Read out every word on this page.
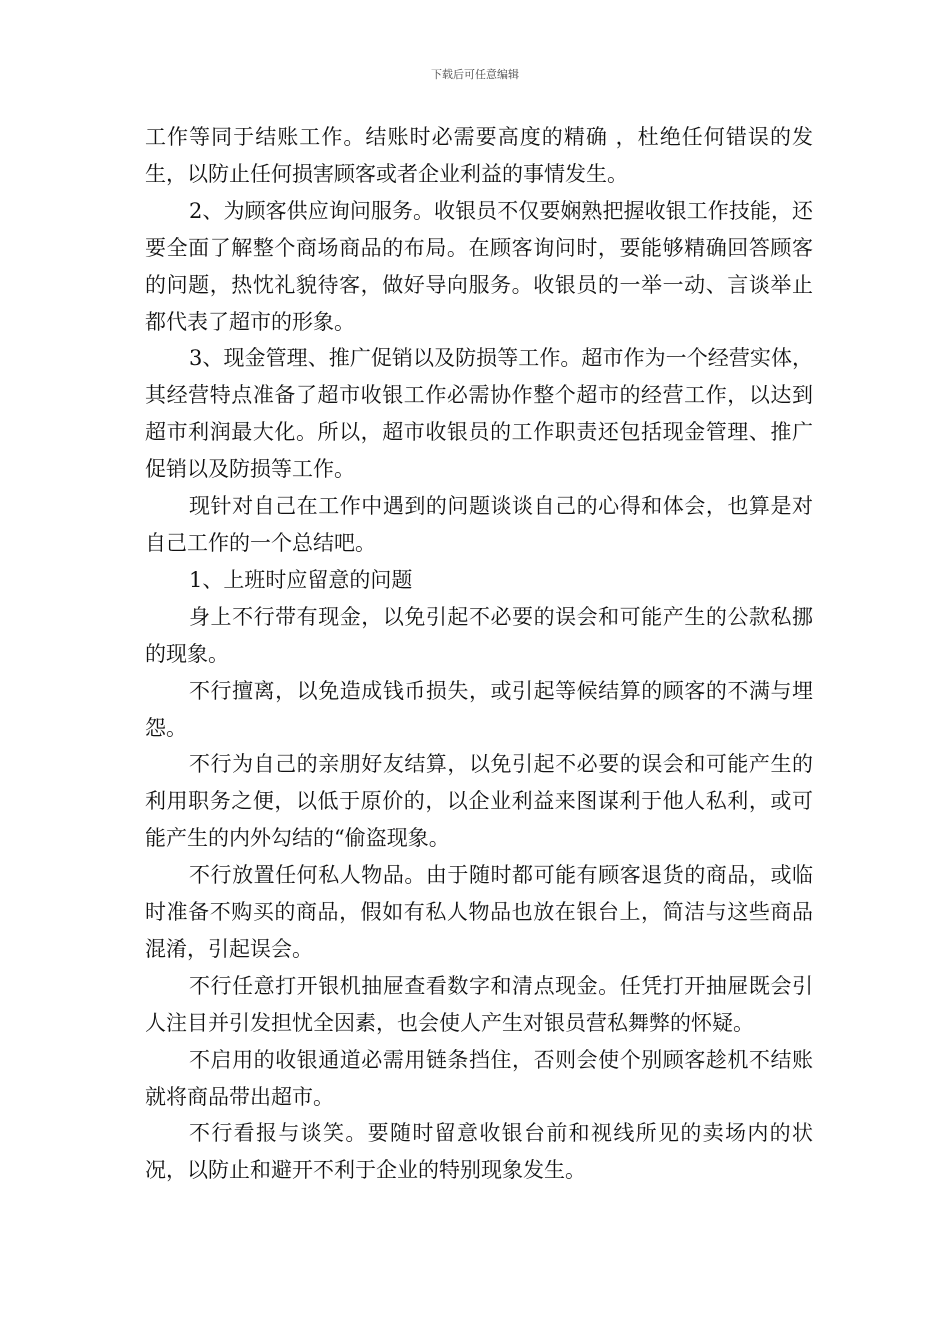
下载后可任意编辑

工作等同于结账工作。结账时必需要高度的精确 ，杜绝任何错误的发生，以防止任何损害顾客或者企业利益的事情发生。

2、为顾客供应询问服务。收银员不仅要娴熟把握收银工作技能，还要全面了解整个商场商品的布局。在顾客询问时，要能够精确回答顾客的问题，热忱礼貌待客，做好导向服务。收银员的一举一动、言谈举止都代表了超市的形象。

3、现金管理、推广促销以及防损等工作。超市作为一个经营实体，其经营特点准备了超市收银工作必需协作整个超市的经营工作，以达到超市利润最大化。所以，超市收银员的工作职责还包括现金管理、推广促销以及防损等工作。

现针对自己在工作中遇到的问题谈谈自己的心得和体会，也算是对自己工作的一个总结吧。

1、上班时应留意的问题

身上不行带有现金，以免引起不必要的误会和可能产生的公款私挪的现象。

不行擅离，以免造成钱币损失，或引起等候结算的顾客的不满与埋怨。

不行为自己的亲朋好友结算，以免引起不必要的误会和可能产生的利用职务之便，以低于原价的，以企业利益来图谋利于他人私利，或可能产生的内外勾结的“偷盗现象。

不行放置任何私人物品。由于随时都可能有顾客退货的商品，或临时准备不购买的商品，假如有私人物品也放在银台上，简洁与这些商品混淆，引起误会。

不行任意打开银机抽屉查看数字和清点现金。任凭打开抽屉既会引人注目并引发担忧全因素，也会使人产生对银员营私舞弊的怀疑。

不启用的收银通道必需用链条挡住，否则会使个别顾客趁机不结账就将商品带出超市。

不行看报与谈笑。要随时留意收银台前和视线所见的卖场内的状况，以防止和避开不利于企业的特别现象发生。
